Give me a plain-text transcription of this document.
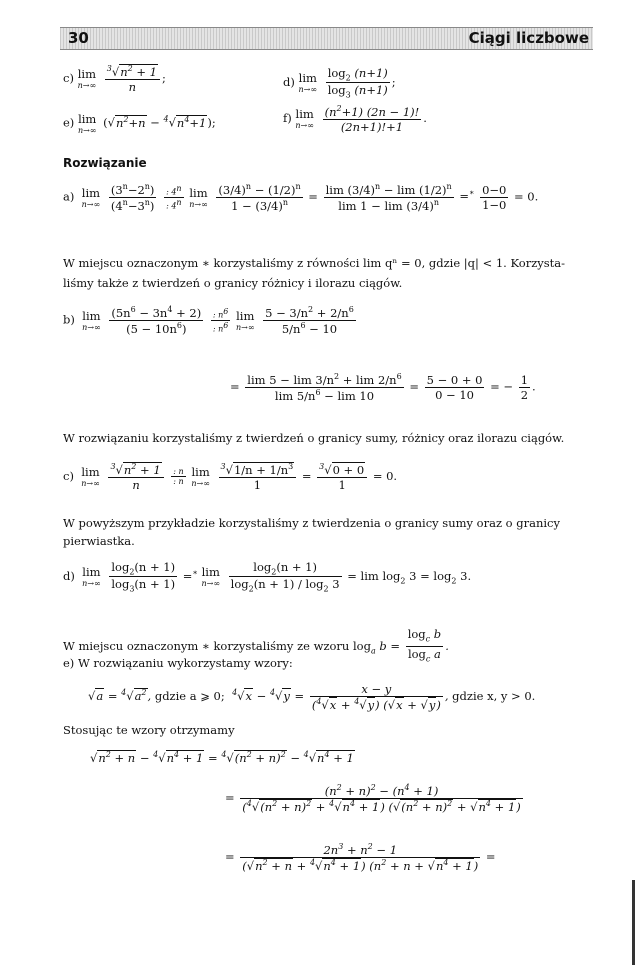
30	Ciągi liczbowe
c) lim
n→∞
$\frac{^3√n^2 + 1}{n}$ ;	d) lim
n→∞
$\frac{\log_2 (n+1)}{\log_3 (n+1)}$ ;
e) lim
n→∞
$(√n^2+n - ^4√n^4+1)$;	f) lim
n→∞
$\frac{(n^2+1) (2n - 1)!}{(2n+1)!+1}$ .
Rozwiązanie
a) lim
n→∞
$\frac{(3^n-2^n)}{(4^n-3^n)}$
$\frac{: 4^n}{: 4^n}$
lim
n→∞
$\frac{(3/4)^n - (1/2)^n}{1 - (3/4)^n} = \frac{\lim (3/4)^n - \lim (1/2)^n}{\lim 1 - \lim (3/4)^n} =^∗ \frac{0-0}{1-0} = 0$.
W miejscu oznaczonym ∗ korzystaliśmy z równości lim qⁿ = 0, gdzie |q| < 1. Korzysta-
liśmy także z twierdzeń o granicy różnicy i ilorazu ciągów.
b) lim
n→∞
$\frac{(5n^6 - 3n^4 + 2)}{(5 - 10n^6)}$
$\frac{: n^6}{: n^6}$
lim
n→∞
$\frac{5 - 3/n^2 + 2/n^6}{5/n^6 - 10}$
= $\frac{\lim 5 - \lim 3/n^2 + \lim 2/n^6}{\lim 5/n^6 - \lim 10} = \frac{5 - 0 + 0}{0 - 10}$ = − $\frac{1}{2}$ .
W rozwiązaniu korzystaliśmy z twierdzeń o granicy sumy, różnicy oraz ilorazu ciągów.
c) lim
n→∞
$\frac{^3√n^2 + 1}{n}$
$\frac{: n}{: n}$
lim
n→∞
$\frac{^3√1/n + 1/n^3}{1} = \frac{^3√0 + 0}{1} = 0$.
W powyższym przykładzie korzystaliśmy z twierdzenia o granicy sumy oraz o granicy
pierwiastka.
d) lim
n→∞
$\frac{\log_2(n + 1)}{\log_3(n + 1)} =^∗$ lim
n→∞
$\frac{\log_2(n + 1)}{\log_2(n + 1) / \log_2 3} = \lim \log_2 3 = \log_2 3$.
W miejscu oznaczonym ∗ korzystaliśmy ze wzoru $\log_a b = \frac{\log_c b}{\log_c a}$ .
e) W rozwiązaniu wykorzystamy wzory:
$√a = ^4√a^2$, gdzie a ⩾ 0; $^4√x - ^4√y = \frac{x - y}{(^4√x + ^4√y) (√x + √y)}$ , gdzie x, y > 0.
Stosując te wzory otrzymamy
$√n^2 + n - ^4√n^4 + 1 = ^4√(n^2 + n)^2 - ^4√n^4 + 1$
= $\frac{(n^2 + n)^2 - (n^4 + 1)}{(^4√(n^2 + n)^2 + ^4√n^4 + 1) (√(n^2 + n)^2 + √n^4 + 1)}$
= $\frac{2n^3 + n^2 - 1}{(√n^2 + n + ^4√n^4 + 1) (n^2 + n + √n^4 + 1)}$ =
